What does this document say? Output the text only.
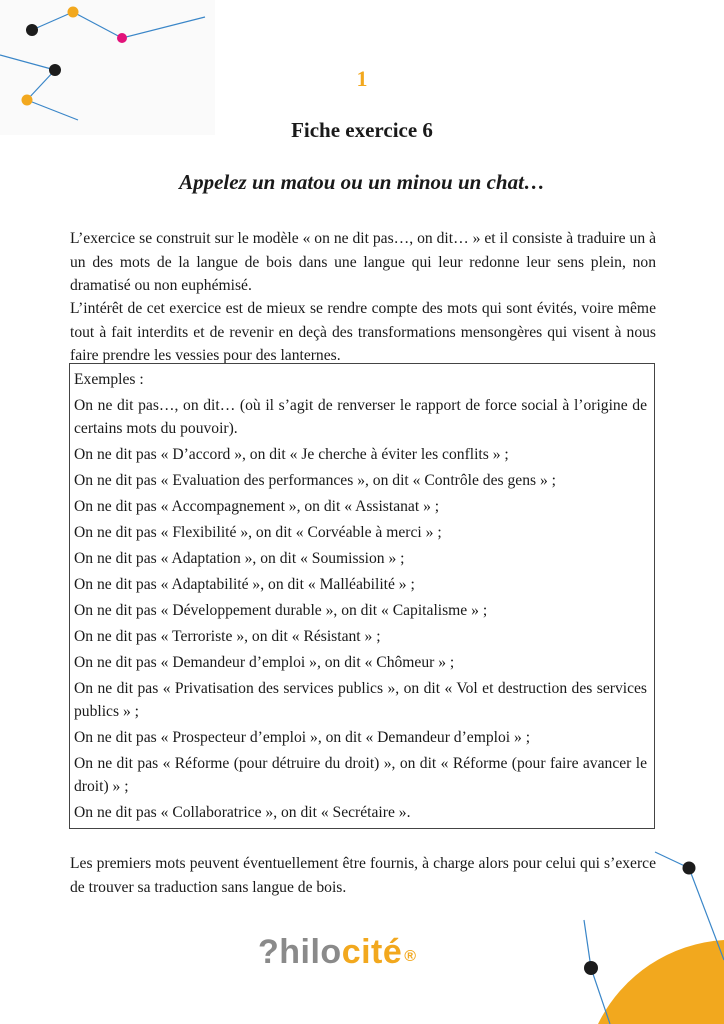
1
Fiche exercice 6
Appelez un matou ou un minou un chat…

L’exercice se construit sur le modèle « on ne dit pas…, on dit… » et il consiste à traduire un à un des mots de la langue de bois dans une langue qui leur redonne leur sens plein, non dramatisé ou non euphémisé.

L’intérêt de cet exercice est de mieux se rendre compte des mots qui sont évités, voire même tout à fait interdits et de revenir en deçà des transformations mensongères qui visent à nous faire prendre les vessies pour des lanternes.

Exemples :

On ne dit pas…, on dit… (où il s’agit de renverser le rapport de force social à l’origine de certains mots du pouvoir).

On ne dit pas « D’accord », on dit « Je cherche à éviter les conflits » ;

On ne dit pas « Evaluation des performances », on dit « Contrôle des gens » ;

On ne dit pas « Accompagnement », on dit « Assistanat » ;

On ne dit pas « Flexibilité », on dit « Corvéable à merci » ;

On ne dit pas « Adaptation », on dit « Soumission » ;

On ne dit pas « Adaptabilité », on dit « Malléabilité » ;

On ne dit pas « Développement durable », on dit « Capitalisme » ;

On ne dit pas « Terroriste », on dit « Résistant » ;

On ne dit pas « Demandeur d’emploi », on dit « Chômeur » ;

On ne dit pas « Privatisation des services publics », on dit « Vol et destruction des services publics » ;

On ne dit pas « Prospecteur d’emploi », on dit « Demandeur d’emploi » ;

On ne dit pas « Réforme (pour détruire du droit) », on dit « Réforme (pour faire avancer le droit) » ;

On ne dit pas « Collaboratrice », on dit « Secrétaire ».

Les premiers mots peuvent éventuellement être fournis, à charge alors pour celui qui s’exerce de trouver sa traduction sans langue de bois.

?hilocité ®
